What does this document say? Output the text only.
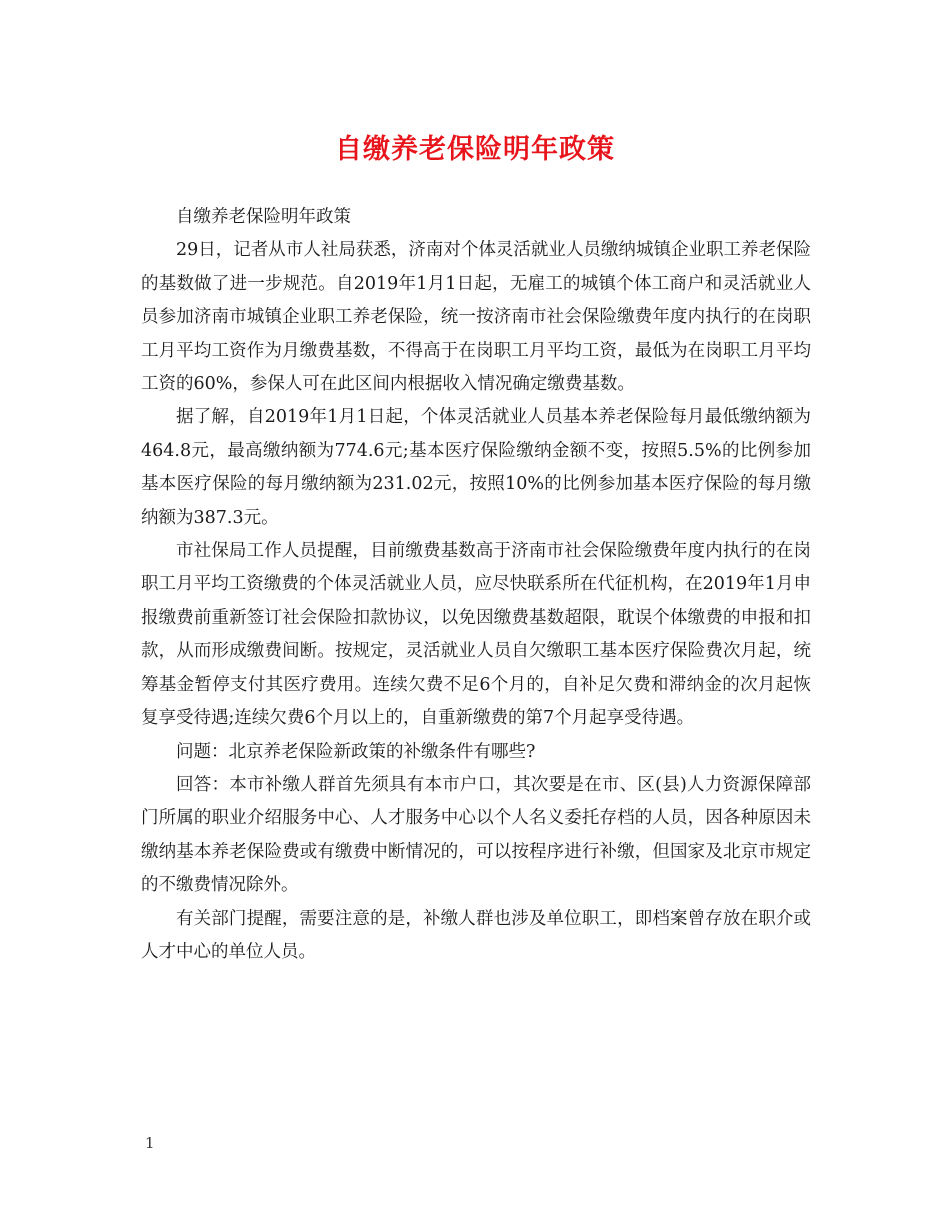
自缴养老保险明年政策

自缴养老保险明年政策

29日，记者从市人社局获悉，济南对个体灵活就业人员缴纳城镇企业职工养老保险的基数做了进一步规范。自2019年1月1日起，无雇工的城镇个体工商户和灵活就业人员参加济南市城镇企业职工养老保险，统一按济南市社会保险缴费年度内执行的在岗职工月平均工资作为月缴费基数，不得高于在岗职工月平均工资，最低为在岗职工月平均工资的60%，参保人可在此区间内根据收入情况确定缴费基数。

据了解，自2019年1月1日起，个体灵活就业人员基本养老保险每月最低缴纳额为464.8元，最高缴纳额为774.6元;基本医疗保险缴纳金额不变，按照5.5%的比例参加基本医疗保险的每月缴纳额为231.02元，按照10%的比例参加基本医疗保险的每月缴纳额为387.3元。

市社保局工作人员提醒，目前缴费基数高于济南市社会保险缴费年度内执行的在岗职工月平均工资缴费的个体灵活就业人员，应尽快联系所在代征机构，在2019年1月申报缴费前重新签订社会保险扣款协议，以免因缴费基数超限，耽误个体缴费的申报和扣款，从而形成缴费间断。按规定，灵活就业人员自欠缴职工基本医疗保险费次月起，统筹基金暂停支付其医疗费用。连续欠费不足6个月的，自补足欠费和滞纳金的次月起恢复享受待遇;连续欠费6个月以上的，自重新缴费的第7个月起享受待遇。

问题：北京养老保险新政策的补缴条件有哪些?

回答：本市补缴人群首先须具有本市户口，其次要是在市、区(县)人力资源保障部门所属的职业介绍服务中心、人才服务中心以个人名义委托存档的人员，因各种原因未缴纳基本养老保险费或有缴费中断情况的，可以按程序进行补缴，但国家及北京市规定的不缴费情况除外。

有关部门提醒，需要注意的是，补缴人群也涉及单位职工，即档案曾存放在职介或人才中心的单位人员。

1
